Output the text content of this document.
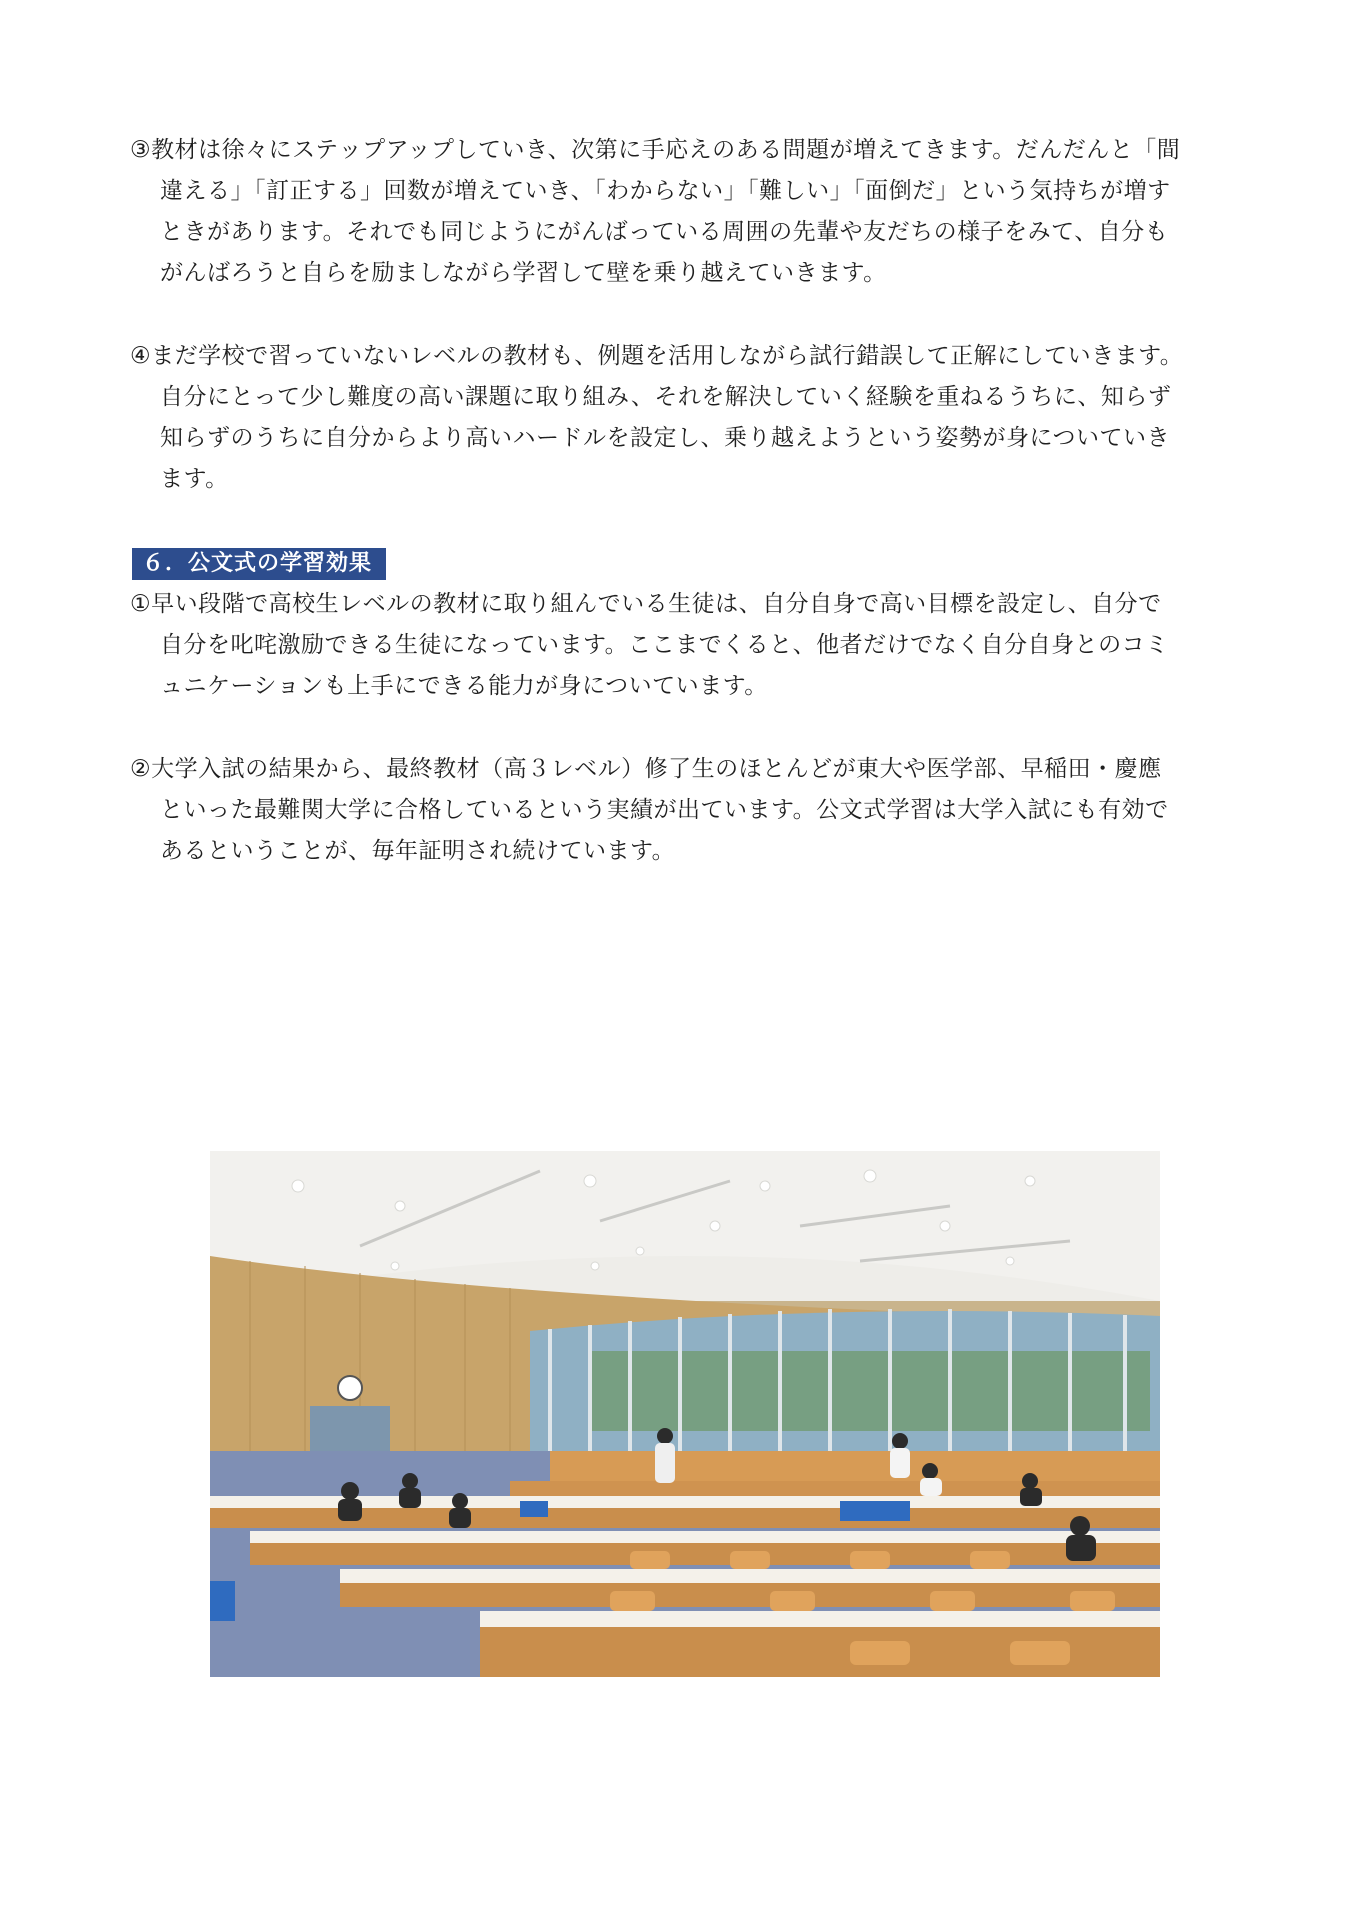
③教材は徐々にステップアップしていき、次第に手応えのある問題が増えてきます。だんだんと「間
違える」「訂正する」回数が増えていき、「わからない」「難しい」「面倒だ」という気持ちが増す
ときがあります。それでも同じようにがんばっている周囲の先輩や友だちの様子をみて、自分も
がんばろうと自らを励ましながら学習して壁を乗り越えていきます。
④まだ学校で習っていないレベルの教材も、例題を活用しながら試行錯誤して正解にしていきます。
自分にとって少し難度の高い課題に取り組み、それを解決していく経験を重ねるうちに、知らず
知らずのうちに自分からより高いハードルを設定し、乗り越えようという姿勢が身についていき
ます。
６．公文式の学習効果
①早い段階で高校生レベルの教材に取り組んでいる生徒は、自分自身で高い目標を設定し、自分で
自分を叱咤激励できる生徒になっています。ここまでくると、他者だけでなく自分自身とのコミ
ュニケーションも上手にできる能力が身についています。
②大学入試の結果から、最終教材（高３レベル）修了生のほとんどが東大や医学部、早稲田・慶應
といった最難関大学に合格しているという実績が出ています。公文式学習は大学入試にも有効で
あるということが、毎年証明され続けています。
